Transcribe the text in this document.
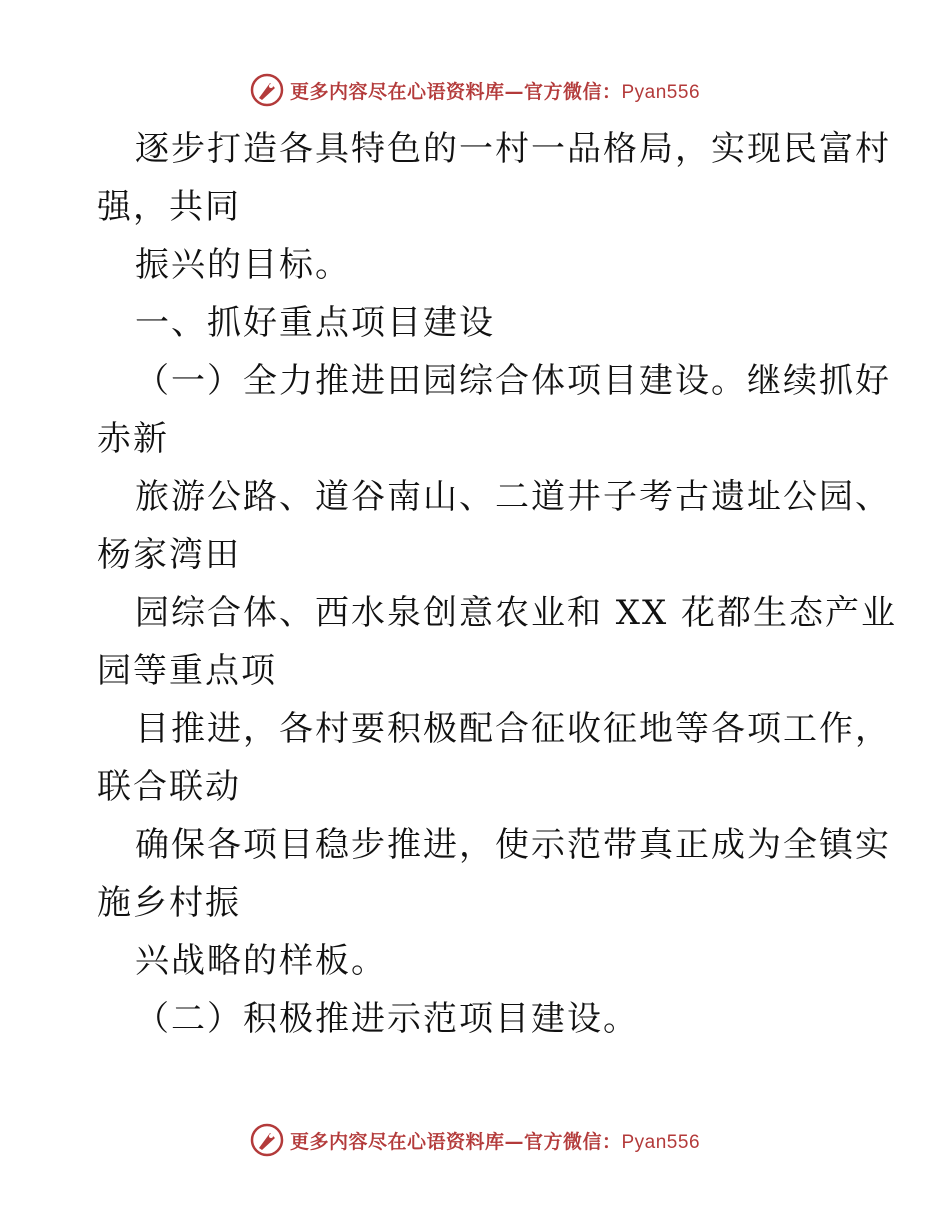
更多内容尽在心语资料库—官方微信：Pyan556
逐步打造各具特色的一村一品格局，实现民富村
强，共同
振兴的目标。
一、抓好重点项目建设
（一）全力推进田园综合体项目建设。继续抓好
赤新
旅游公路、道谷南山、二道井子考古遗址公园、
杨家湾田
园综合体、西水泉创意农业和 XX 花都生态产业
园等重点项
目推进，各村要积极配合征收征地等各项工作，
联合联动
确保各项目稳步推进，使示范带真正成为全镇实
施乡村振
兴战略的样板。
（二）积极推进示范项目建设。
更多内容尽在心语资料库—官方微信：Pyan556
